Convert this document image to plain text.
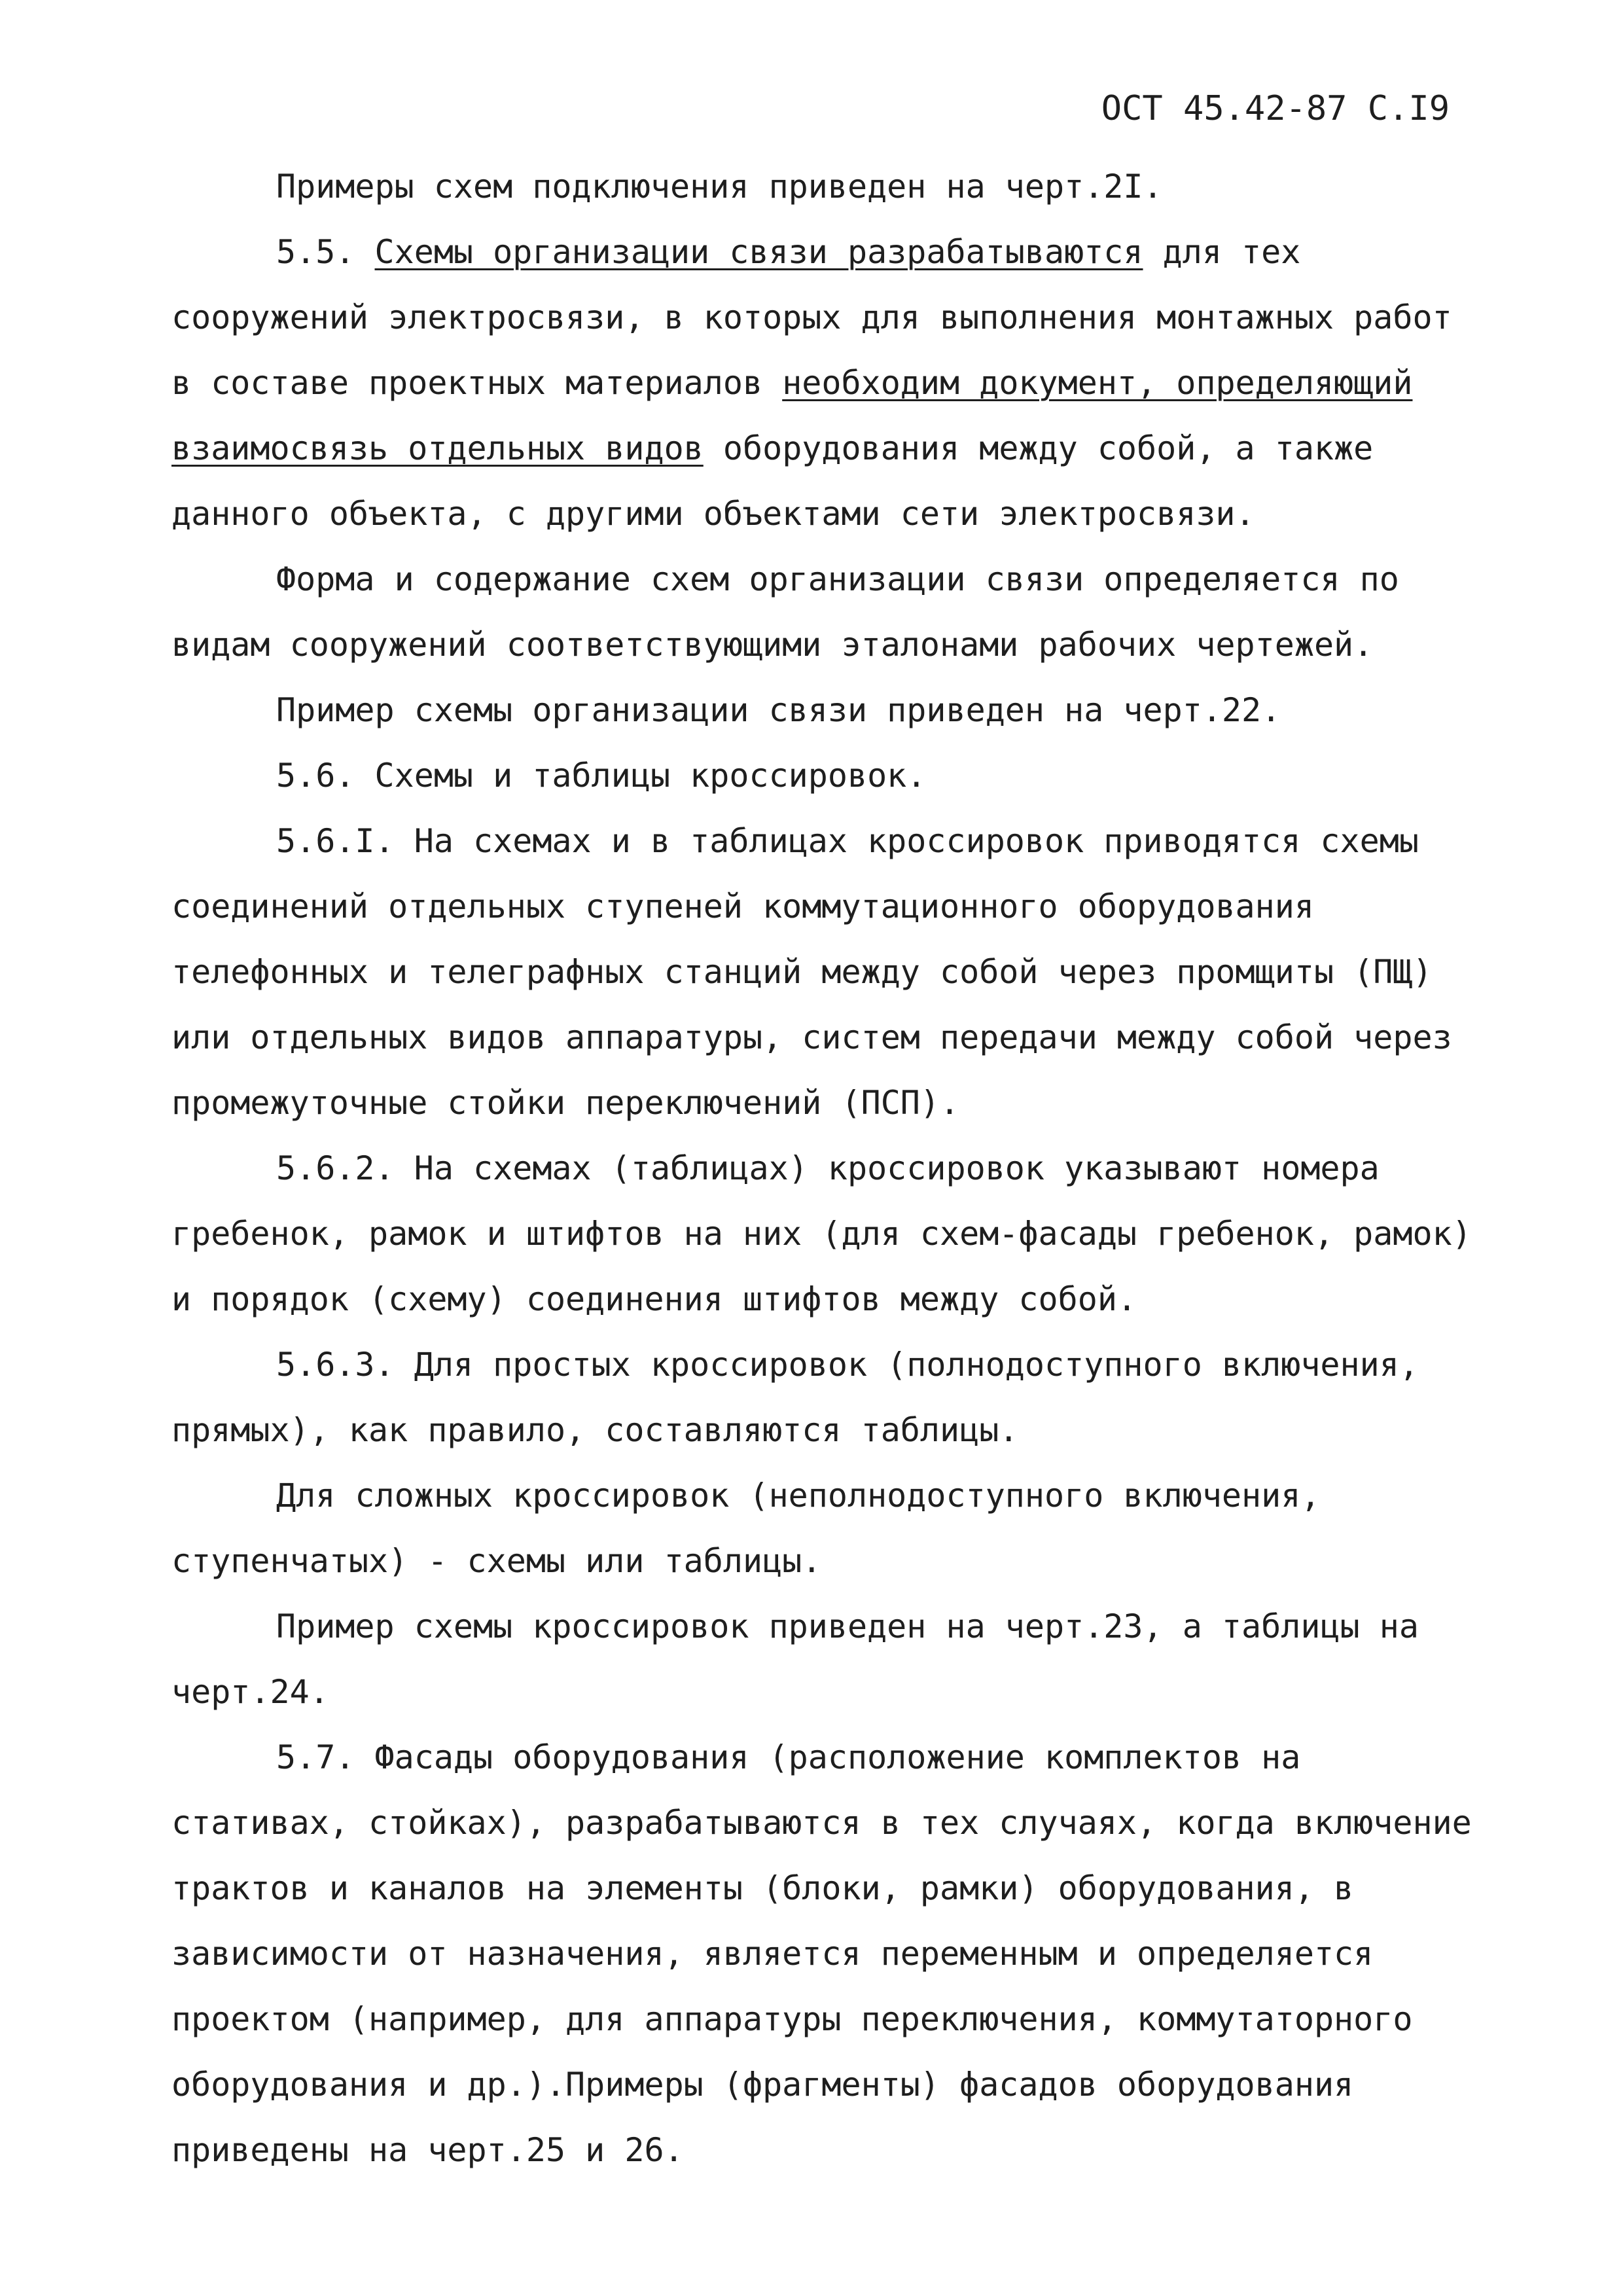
ОСТ 45.42-87 С.I9

Примеры схем подключения приведен на черт.2I.

5.5. Схемы организации связи разрабатываются для тех сооружений электросвязи, в которых для выполнения монтажных работ в составе проектных материалов необходим документ, определяющий взаимосвязь отдельных видов оборудования между собой, а также данного объекта, с другими объектами сети электросвязи.

Форма и содержание схем организации связи определяется по видам сооружений соответствующими эталонами рабочих чертежей.

Пример схемы организации связи приведен на черт.22.

5.6. Схемы и таблицы кроссировок.

5.6.I. На схемах и в таблицах кроссировок приводятся схемы соединений отдельных ступеней коммутационного оборудования телефонных и телеграфных станций между собой через промщиты (ПЩ) или отдельных видов аппаратуры, систем передачи между собой через промежуточные стойки переключений (ПСП).

5.6.2. На схемах (таблицах) кроссировок указывают номера гребенок, рамок и штифтов на них (для схем-фасады гребенок, рамок) и порядок (схему) соединения штифтов между собой.

5.6.3. Для простых кроссировок (полнодоступного включения, прямых), как правило, составляются таблицы.

Для сложных кроссировок (неполнодоступного включения, ступенчатых) - схемы или таблицы.

Пример схемы кроссировок приведен на черт.23, а таблицы на черт.24.

5.7. Фасады оборудования (расположение комплектов на стативах, стойках), разрабатываются в тех случаях, когда включение трактов и каналов на элементы (блоки, рамки) оборудования, в зависимости от назначения, является переменным и определяется проектом (например, для аппаратуры переключения, коммутаторного оборудования и др.).Примеры (фрагменты) фасадов оборудования приведены на черт.25 и 26.
